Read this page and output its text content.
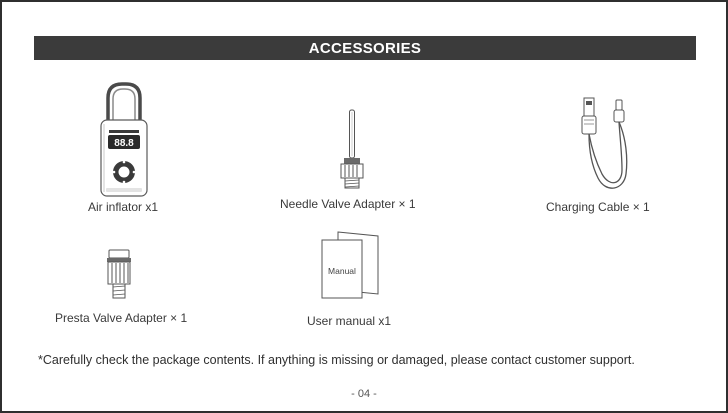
ACCESSORIES
88.8
Air inflator x1	Needle Valve Adapter × 1	Charging Cable × 1
Presta Valve Adapter × 1
Manual
User manual x1
*Carefully check the package contents. If anything is missing or damaged, please contact customer support.
- 04 -
